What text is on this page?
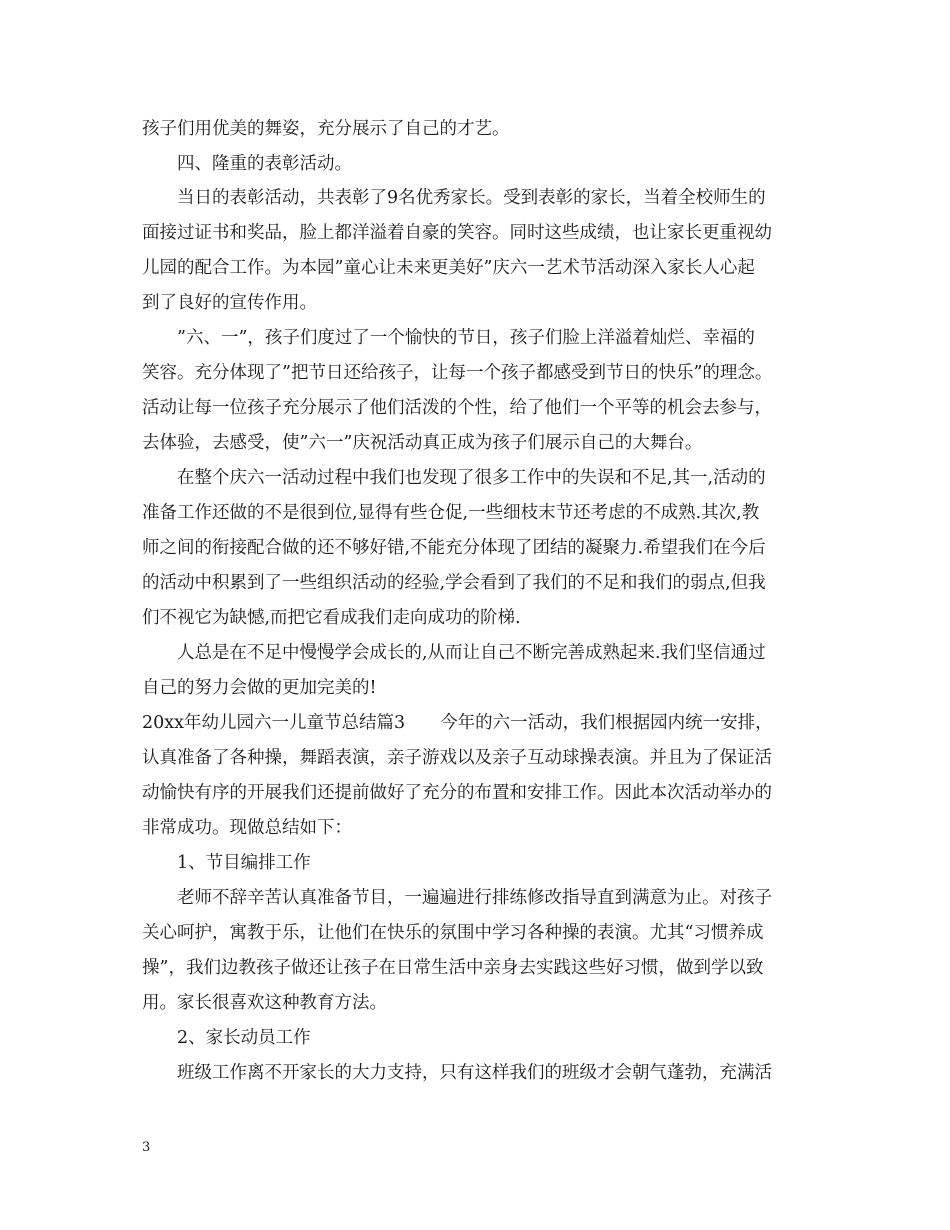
孩子们用优美的舞姿，充分展示了自己的才艺。
四、隆重的表彰活动。
当日的表彰活动，共表彰了9名优秀家长。受到表彰的家长，当着全校师生的
面接过证书和奖品，脸上都洋溢着自豪的笑容。同时这些成绩，也让家长更重视幼
儿园的配合工作。为本园”童心让未来更美好”庆六一艺术节活动深入家长人心起
到了良好的宣传作用。
”六、一”，孩子们度过了一个愉快的节日，孩子们脸上洋溢着灿烂、幸福的
笑容。充分体现了”把节日还给孩子，让每一个孩子都感受到节日的快乐”的理念。
活动让每一位孩子充分展示了他们活泼的个性，给了他们一个平等的机会去参与，
去体验，去感受，使”六一”庆祝活动真正成为孩子们展示自己的大舞台。
在整个庆六一活动过程中我们也发现了很多工作中的失误和不足,其一,活动的
准备工作还做的不是很到位,显得有些仓促,一些细枝末节还考虑的不成熟.其次,教
师之间的衔接配合做的还不够好错,不能充分体现了团结的凝聚力.希望我们在今后
的活动中积累到了一些组织活动的经验,学会看到了我们的不足和我们的弱点,但我
们不视它为缺憾,而把它看成我们走向成功的阶梯.
人总是在不足中慢慢学会成长的,从而让自己不断完善成熟起来.我们坚信通过
自己的努力会做的更加完美的!
20xx年幼儿园六一儿童节总结篇3　　今年的六一活动，我们根据园内统一安排，
认真准备了各种操，舞蹈表演，亲子游戏以及亲子互动球操表演。并且为了保证活
动愉快有序的开展我们还提前做好了充分的布置和安排工作。因此本次活动举办的
非常成功。现做总结如下：
1、节目编排工作
老师不辞辛苦认真准备节目，一遍遍进行排练修改指导直到满意为止。对孩子
关心呵护，寓教于乐，让他们在快乐的氛围中学习各种操的表演。尤其“习惯养成
操”，我们边教孩子做还让孩子在日常生活中亲身去实践这些好习惯，做到学以致
用。家长很喜欢这种教育方法。
2、家长动员工作
班级工作离不开家长的大力支持，只有这样我们的班级才会朝气蓬勃，充满活
3
